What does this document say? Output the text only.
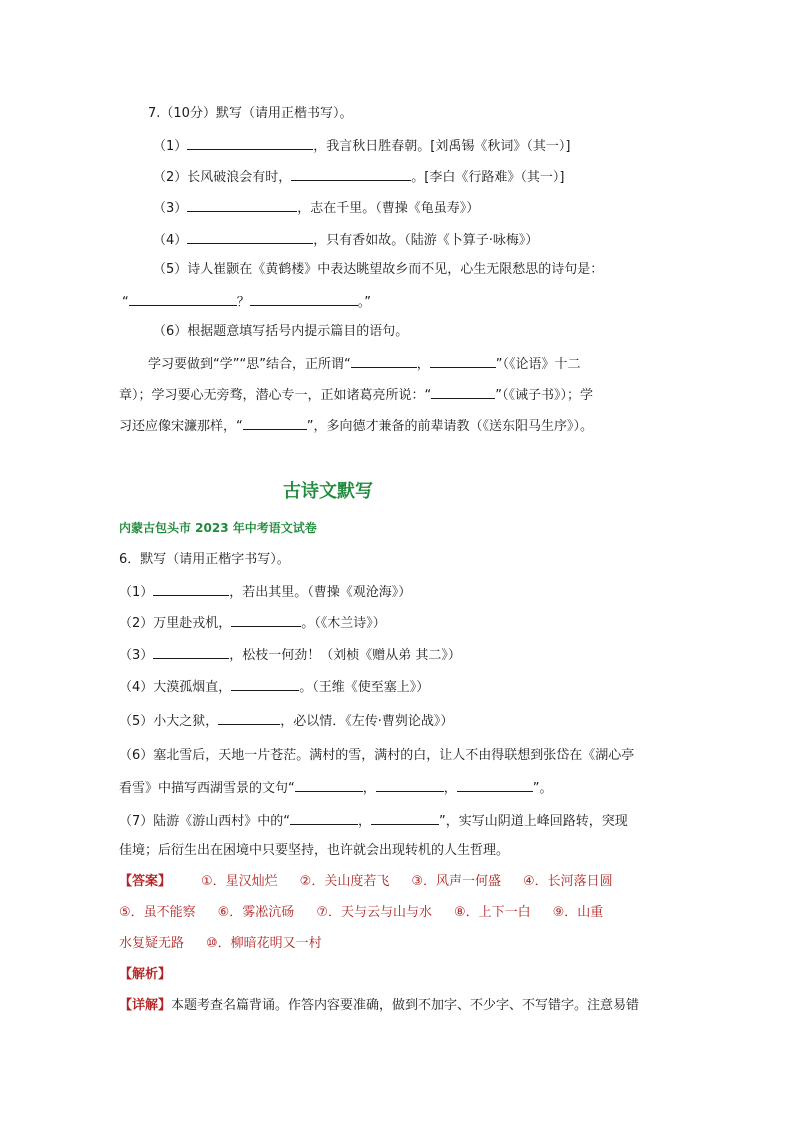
7.（10分）默写（请用正楷书写）。
（1）	，我言秋日胜春朝。[刘禹锡《秋词》（其一）]
（2）长风破浪会有时，	。[李白《行路难》（其一）]
（3）	，志在千里。（曹操《龟虽寿》）
（4）	，只有香如故。（陆游《卜算子·咏梅》）
（5）诗人崔颢在《黄鹤楼》中表达眺望故乡而不见，心生无限愁思的诗句是：
“	？	。”
（6）根据题意填写括号内提示篇目的语句。
学习要做到“学”“思”结合，正所谓“	，	”（《论语》十二
章）；学习要心无旁骛，潜心专一，正如诸葛亮所说：“	”（《诫子书》）；学
习还应像宋濂那样，“	”，多向德才兼备的前辈请教（《送东阳马生序》）。
古诗文默写
内蒙古包头市 2023 年中考语文试卷
6．默写（请用正楷字书写）。
（1）	，若出其里。（曹操《观沧海》）
（2）万里赴戎机，	。（《木兰诗》）
（3）	，松枝一何劲！（刘桢《赠从弟 其二》）
（4）大漠孤烟直，	。（王维《使至塞上》）
（5）小大之狱，	，必以情．《左传·曹刿论战》）
（6）塞北雪后，天地一片苍茫。满村的雪，满村的白，让人不由得联想到张岱在《湖心亭
看雪》中描写西湖雪景的文句“	，	，	”。
（7）陆游《游山西村》中的“	，	”，实写山阴道上峰回路转，突现
佳境；后衍生出在困境中只要坚持，也许就会出现转机的人生哲理。
【答案】 ①．星汉灿烂 ②．关山度若飞 ③．风声一何盛 ④．长河落日圆
⑤．虽不能察 ⑥．雾凇沆砀 ⑦．天与云与山与水 ⑧．上下一白 ⑨．山重
水复疑无路 ⑩．柳暗花明又一村
【解析】
【详解】本题考查名篇背诵。作答内容要准确，做到不加字、不少字、不写错字。注意易错
